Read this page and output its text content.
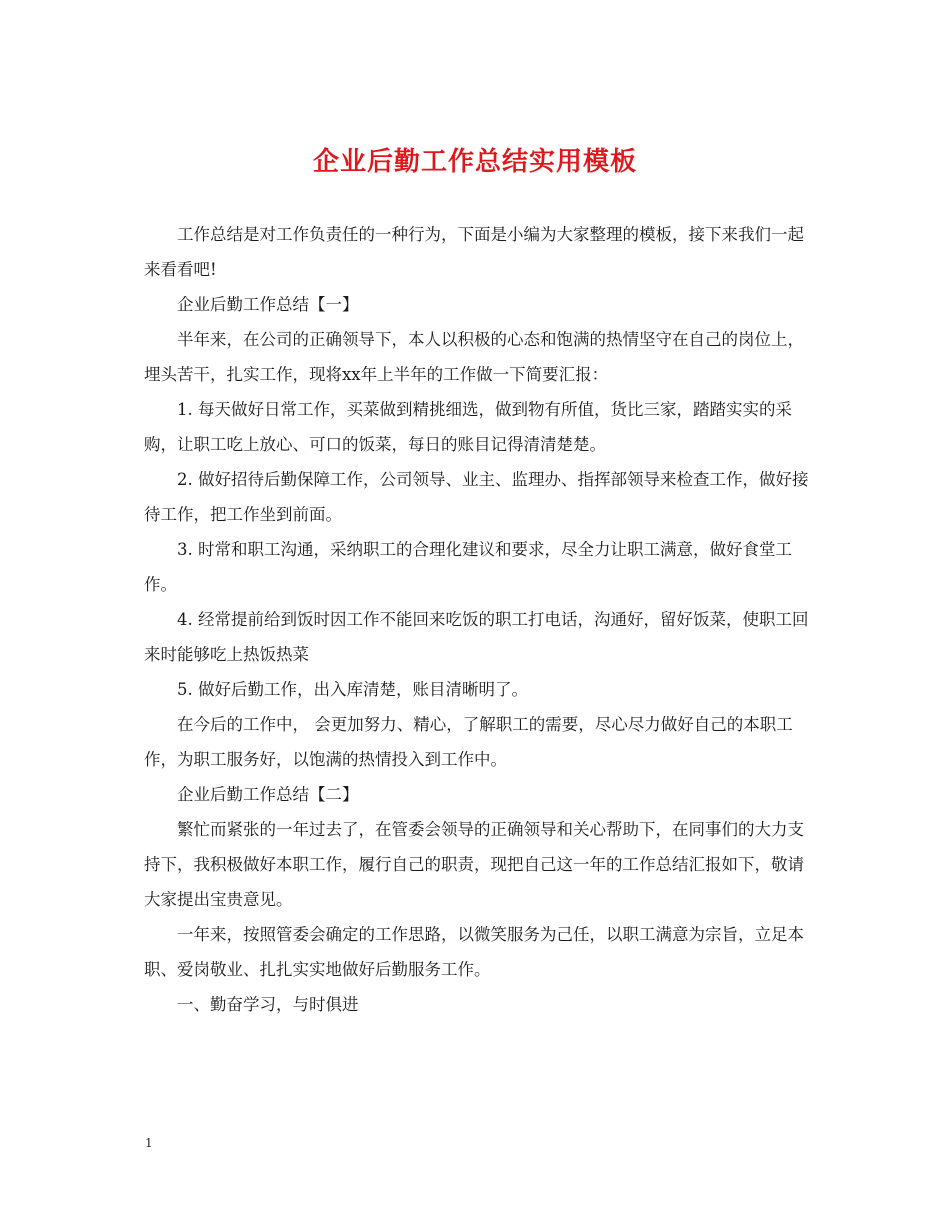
企业后勤工作总结实用模板

工作总结是对工作负责任的一种行为，下面是小编为大家整理的模板，接下来我们一起来看看吧!

企业后勤工作总结【一】

半年来，在公司的正确领导下，本人以积极的心态和饱满的热情坚守在自己的岗位上，埋头苦干，扎实工作，现将xx年上半年的工作做一下简要汇报：

1. 每天做好日常工作，买菜做到精挑细选，做到物有所值，货比三家，踏踏实实的采购，让职工吃上放心、可口的饭菜，每日的账目记得清清楚楚。

2. 做好招待后勤保障工作，公司领导、业主、监理办、指挥部领导来检查工作，做好接待工作，把工作坐到前面。

3. 时常和职工沟通，采纳职工的合理化建议和要求，尽全力让职工满意，做好食堂工作。

4. 经常提前给到饭时因工作不能回来吃饭的职工打电话，沟通好，留好饭菜，使职工回来时能够吃上热饭热菜

5. 做好后勤工作，出入库清楚，账目清晰明了。

在今后的工作中， 会更加努力、精心，了解职工的需要，尽心尽力做好自己的本职工作，为职工服务好，以饱满的热情投入到工作中。

企业后勤工作总结【二】

繁忙而紧张的一年过去了，在管委会领导的正确领导和关心帮助下，在同事们的大力支持下，我积极做好本职工作，履行自己的职责，现把自己这一年的工作总结汇报如下，敬请大家提出宝贵意见。

一年来，按照管委会确定的工作思路，以微笑服务为己任，以职工满意为宗旨，立足本职、爱岗敬业、扎扎实实地做好后勤服务工作。

一、勤奋学习，与时俱进

1
